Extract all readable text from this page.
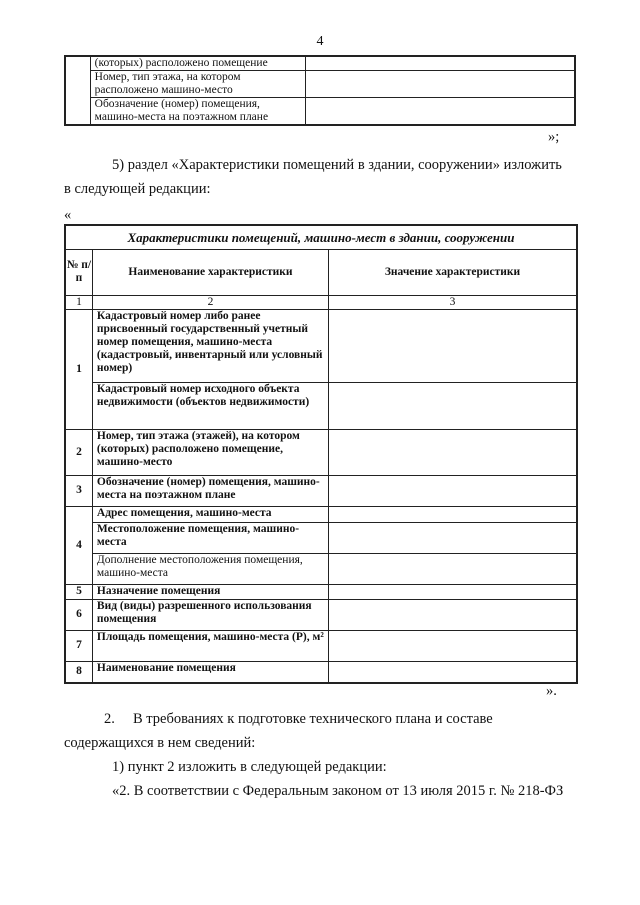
4
	(которых) расположено помещение	
	Номер, тип этажа, на котором расположено машино-место	
	Обозначение (номер) помещения, машино-места на поэтажном плане	
»;
5) раздел «Характеристики помещений в здании, сооружении» изложить
в следующей редакции:
«
Характеристики помещений, машино-мест в здании, сооружении		
№ п/п	Наименование характеристики	Значение характеристики
1	2	3
1	Кадастровый номер либо ранее присвоенный государственный учетный номер помещения, машино-места (кадастровый, инвентарный или условный номер)	
	Кадастровый номер исходного объекта недвижимости (объектов недвижимости)	
2	Номер, тип этажа (этажей), на котором (которых) расположено помещение, машино-место	
3	Обозначение (номер) помещения, машино-места на поэтажном плане	
4	Адрес помещения, машино-места	
	Местоположение помещения, машино-места	
	Дополнение местоположения помещения, машино-места	
5	Назначение помещения	
6	Вид (виды) разрешенного использования помещения	
7	Площадь помещения, машино-места (Р), м²	
8	Наименование помещения	
».
2.     В требованиях к подготовке технического плана и составе
содержащихся в нем сведений:
1) пункт 2 изложить в следующей редакции:
«2. В соответствии с Федеральным законом от 13 июля 2015 г. № 218-ФЗ
